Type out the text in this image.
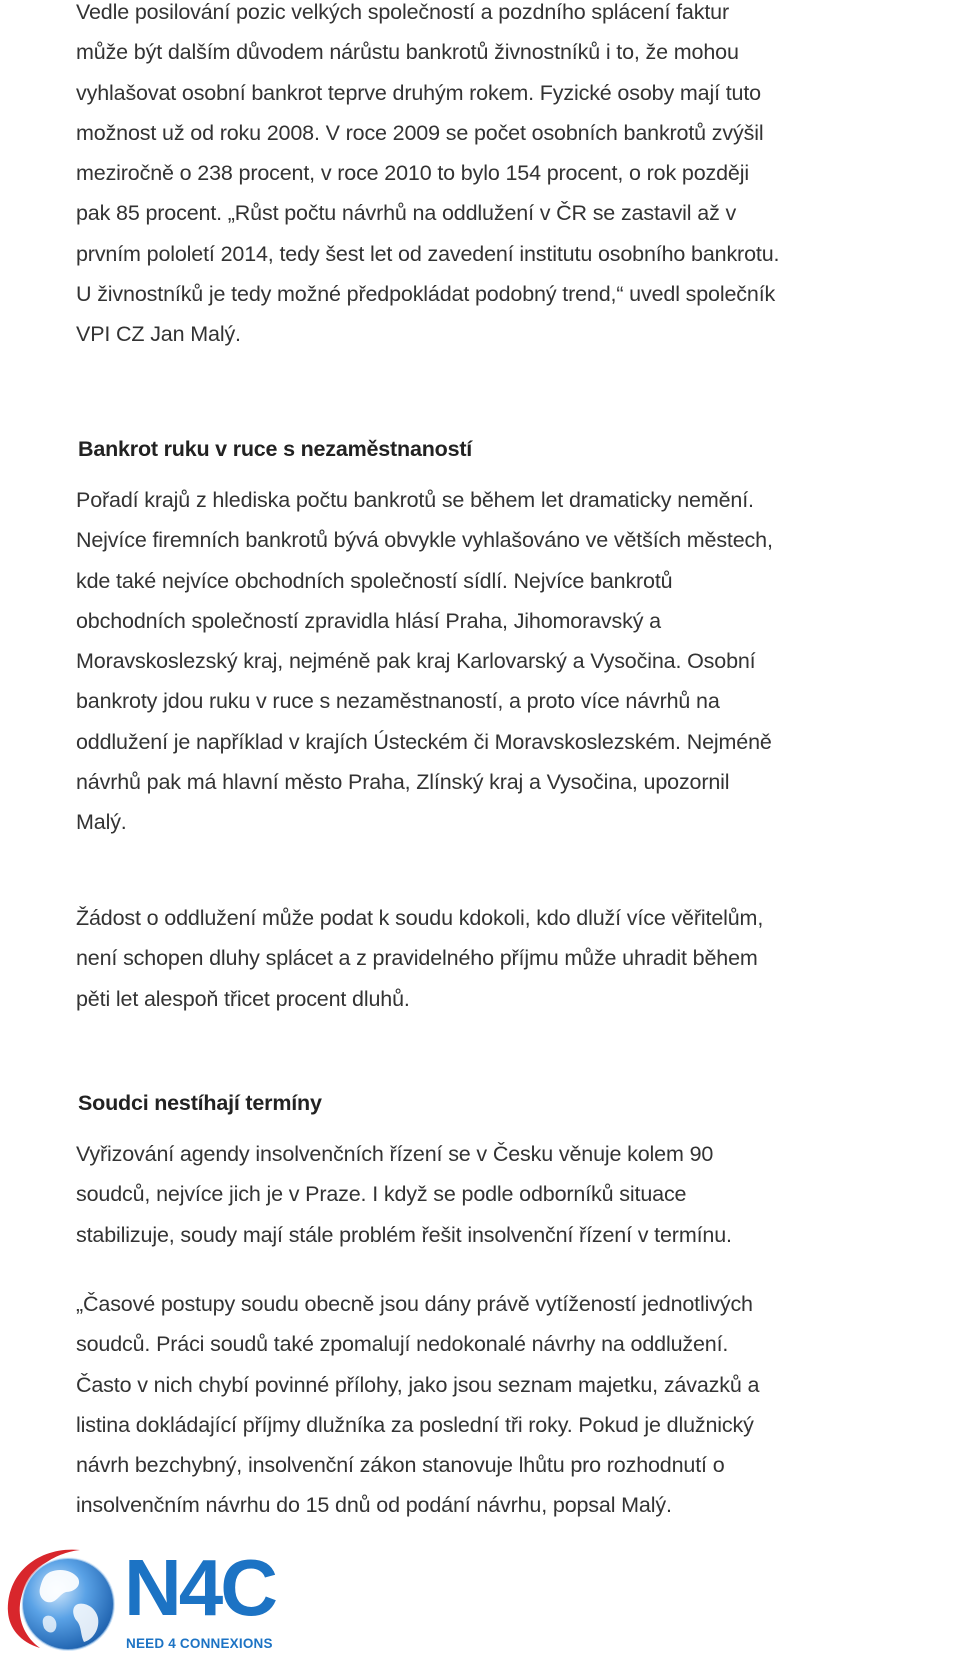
Vedle posilování pozic velkých společností a pozdního splácení faktur
může být dalším důvodem nárůstu bankrotů živnostníků i to, že mohou
vyhlašovat osobní bankrot teprve druhým rokem. Fyzické osoby mají tuto
možnost už od roku 2008. V roce 2009 se počet osobních bankrotů zvýšil
meziročně o 238 procent, v roce 2010 to bylo 154 procent, o rok později
pak 85 procent. „Růst počtu návrhů na oddlužení v ČR se zastavil až v
prvním pololetí 2014, tedy šest let od zavedení institutu osobního bankrotu.
U živnostníků je tedy možné předpokládat podobný trend,“ uvedl společník
VPI CZ Jan Malý.

Bankrot ruku v ruce s nezaměstnaností

Pořadí krajů z hlediska počtu bankrotů se během let dramaticky nemění.
Nejvíce firemních bankrotů bývá obvykle vyhlašováno ve větších městech,
kde také nejvíce obchodních společností sídlí. Nejvíce bankrotů
obchodních společností zpravidla hlásí Praha, Jihomoravský a
Moravskoslezský kraj, nejméně pak kraj Karlovarský a Vysočina. Osobní
bankroty jdou ruku v ruce s nezaměstnaností, a proto více návrhů na
oddlužení je například v krajích Ústeckém či Moravskoslezském. Nejméně
návrhů pak má hlavní město Praha, Zlínský kraj a Vysočina, upozornil
Malý.

Žádost o oddlužení může podat k soudu kdokoli, kdo dluží více věřitelům,
není schopen dluhy splácet a z pravidelného příjmu může uhradit během
pěti let alespoň třicet procent dluhů.

Soudci nestíhají termíny

Vyřizování agendy insolvenčních řízení se v Česku věnuje kolem 90
soudců, nejvíce jich je v Praze. I když se podle odborníků situace
stabilizuje, soudy mají stále problém řešit insolvenční řízení v termínu.

„Časové postupy soudu obecně jsou dány právě vytížeností jednotlivých
soudců. Práci soudů také zpomalují nedokonalé návrhy na oddlužení.
Často v nich chybí povinné přílohy, jako jsou seznam majetku, závazků a
listina dokládající příjmy dlužníka za poslední tři roky. Pokud je dlužnický
návrh bezchybný, insolvenční zákon stanovuje lhůtu pro rozhodnutí o
insolvenčním návrhu do 15 dnů od podání návrhu, popsal Malý.

N4C
NEED 4 CONNEXIONS
